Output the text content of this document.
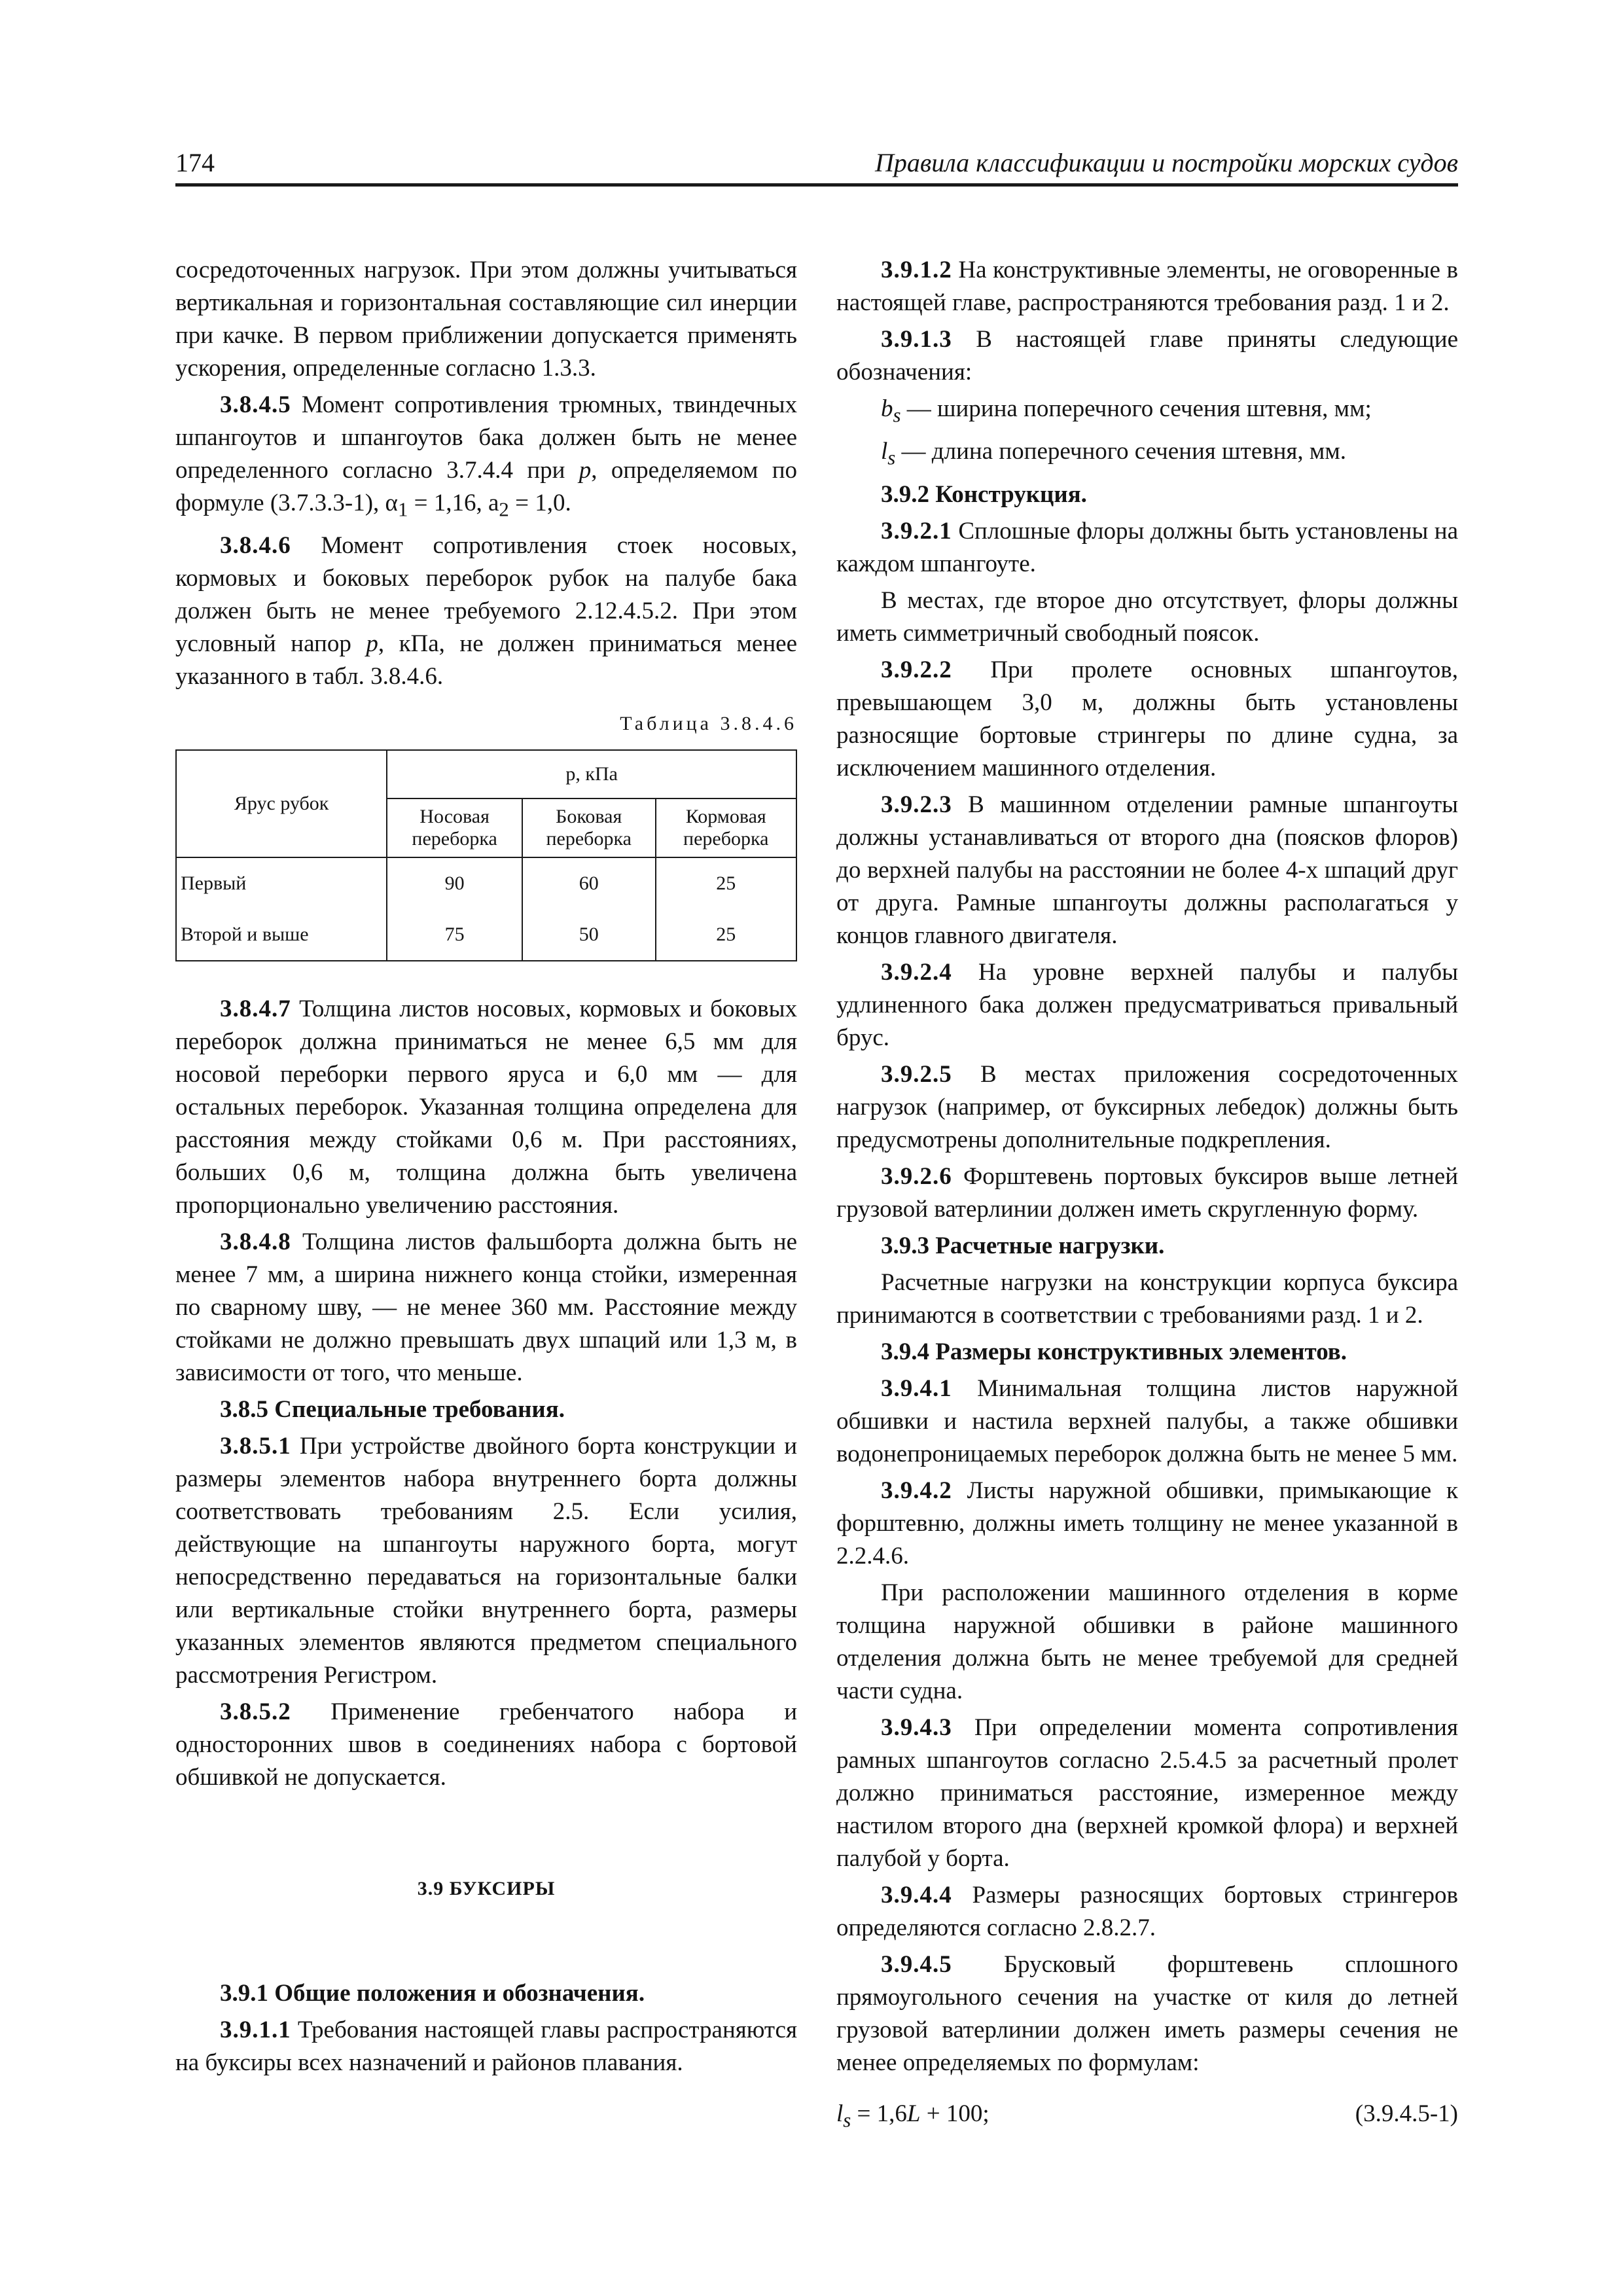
174	Правила классификации и постройки морских судов

сосредоточенных нагрузок. При этом должны учитываться вертикальная и горизонтальная составляющие сил инерции при качке. В первом приближении допускается применять ускорения, определенные согласно 1.3.3.

3.8.4.5 Момент сопротивления трюмных, твиндечных шпангоутов и шпангоутов бака должен быть не менее определенного согласно 3.7.4.4 при p, определяемом по формуле (3.7.3.3-1), $\alpha_1 = 1,16$, $a_2 = 1,0$.

3.8.4.6 Момент сопротивления стоек носовых, кормовых и боковых переборок рубок на палубе бака должен быть не менее требуемого 2.12.4.5.2. При этом условный напор p, кПа, не должен приниматься менее указанного в табл. 3.8.4.6.

Таблица 3.8.4.6
Ярус рубок	p, кПа		
	Носовая переборка	Боковая переборка	Кормовая переборка
Первый	90	60	25
Второй и выше	75	50	25

3.8.4.7 Толщина листов носовых, кормовых и боковых переборок должна приниматься не менее 6,5 мм для носовой переборки первого яруса и 6,0 мм — для остальных переборок. Указанная толщина определена для расстояния между стойками 0,6 м. При расстояниях, больших 0,6 м, толщина должна быть увеличена пропорционально увеличению расстояния.

3.8.4.8 Толщина листов фальшборта должна быть не менее 7 мм, а ширина нижнего конца стойки, измеренная по сварному шву, — не менее 360 мм. Расстояние между стойками не должно превышать двух шпаций или 1,3 м, в зависимости от того, что меньше.

3.8.5 Специальные требования.

3.8.5.1 При устройстве двойного борта конструкции и размеры элементов набора внутреннего борта должны соответствовать требованиям 2.5. Если усилия, действующие на шпангоуты наружного борта, могут непосредственно передаваться на горизонтальные балки или вертикальные стойки внутреннего борта, размеры указанных элементов являются предметом специального рассмотрения Регистром.

3.8.5.2 Применение гребенчатого набора и односторонних швов в соединениях набора с бортовой обшивкой не допускается.

3.9 БУКСИРЫ

3.9.1 Общие положения и обозначения.

3.9.1.1 Требования настоящей главы распространяются на буксиры всех назначений и районов плавания.

3.9.1.2 На конструктивные элементы, не оговоренные в настоящей главе, распространяются требования разд. 1 и 2.

3.9.1.3 В настоящей главе приняты следующие обозначения:

$b_s$ — ширина поперечного сечения штевня, мм;

$l_s$ — длина поперечного сечения штевня, мм.

3.9.2 Конструкция.

3.9.2.1 Сплошные флоры должны быть установлены на каждом шпангоуте.

В местах, где второе дно отсутствует, флоры должны иметь симметричный свободный поясок.

3.9.2.2 При пролете основных шпангоутов, превышающем 3,0 м, должны быть установлены разносящие бортовые стрингеры по длине судна, за исключением машинного отделения.

3.9.2.3 В машинном отделении рамные шпангоуты должны устанавливаться от второго дна (поясков флоров) до верхней палубы на расстоянии не более 4-х шпаций друг от друга. Рамные шпангоуты должны располагаться у концов главного двигателя.

3.9.2.4 На уровне верхней палубы и палубы удлиненного бака должен предусматриваться привальный брус.

3.9.2.5 В местах приложения сосредоточенных нагрузок (например, от буксирных лебедок) должны быть предусмотрены дополнительные подкрепления.

3.9.2.6 Форштевень портовых буксиров выше летней грузовой ватерлинии должен иметь скругленную форму.

3.9.3 Расчетные нагрузки.

Расчетные нагрузки на конструкции корпуса буксира принимаются в соответствии с требованиями разд. 1 и 2.

3.9.4 Размеры конструктивных элементов.

3.9.4.1 Минимальная толщина листов наружной обшивки и настила верхней палубы, а также обшивки водонепроницаемых переборок должна быть не менее 5 мм.

3.9.4.2 Листы наружной обшивки, примыкающие к форштевню, должны иметь толщину не менее указанной в 2.2.4.6.

При расположении машинного отделения в корме толщина наружной обшивки в районе машинного отделения должна быть не менее требуемой для средней части судна.

3.9.4.3 При определении момента сопротивления рамных шпангоутов согласно 2.5.4.5 за расчетный пролет должно приниматься расстояние, измеренное между настилом второго дна (верхней кромкой флора) и верхней палубой у борта.

3.9.4.4 Размеры разносящих бортовых стрингеров определяются согласно 2.8.2.7.

3.9.4.5 Брусковый форштевень сплошного прямоугольного сечения на участке от киля до летней грузовой ватерлинии должен иметь размеры сечения не менее определяемых по формулам:

$l_s = 1,6L + 100$;	(3.9.4.5-1)
